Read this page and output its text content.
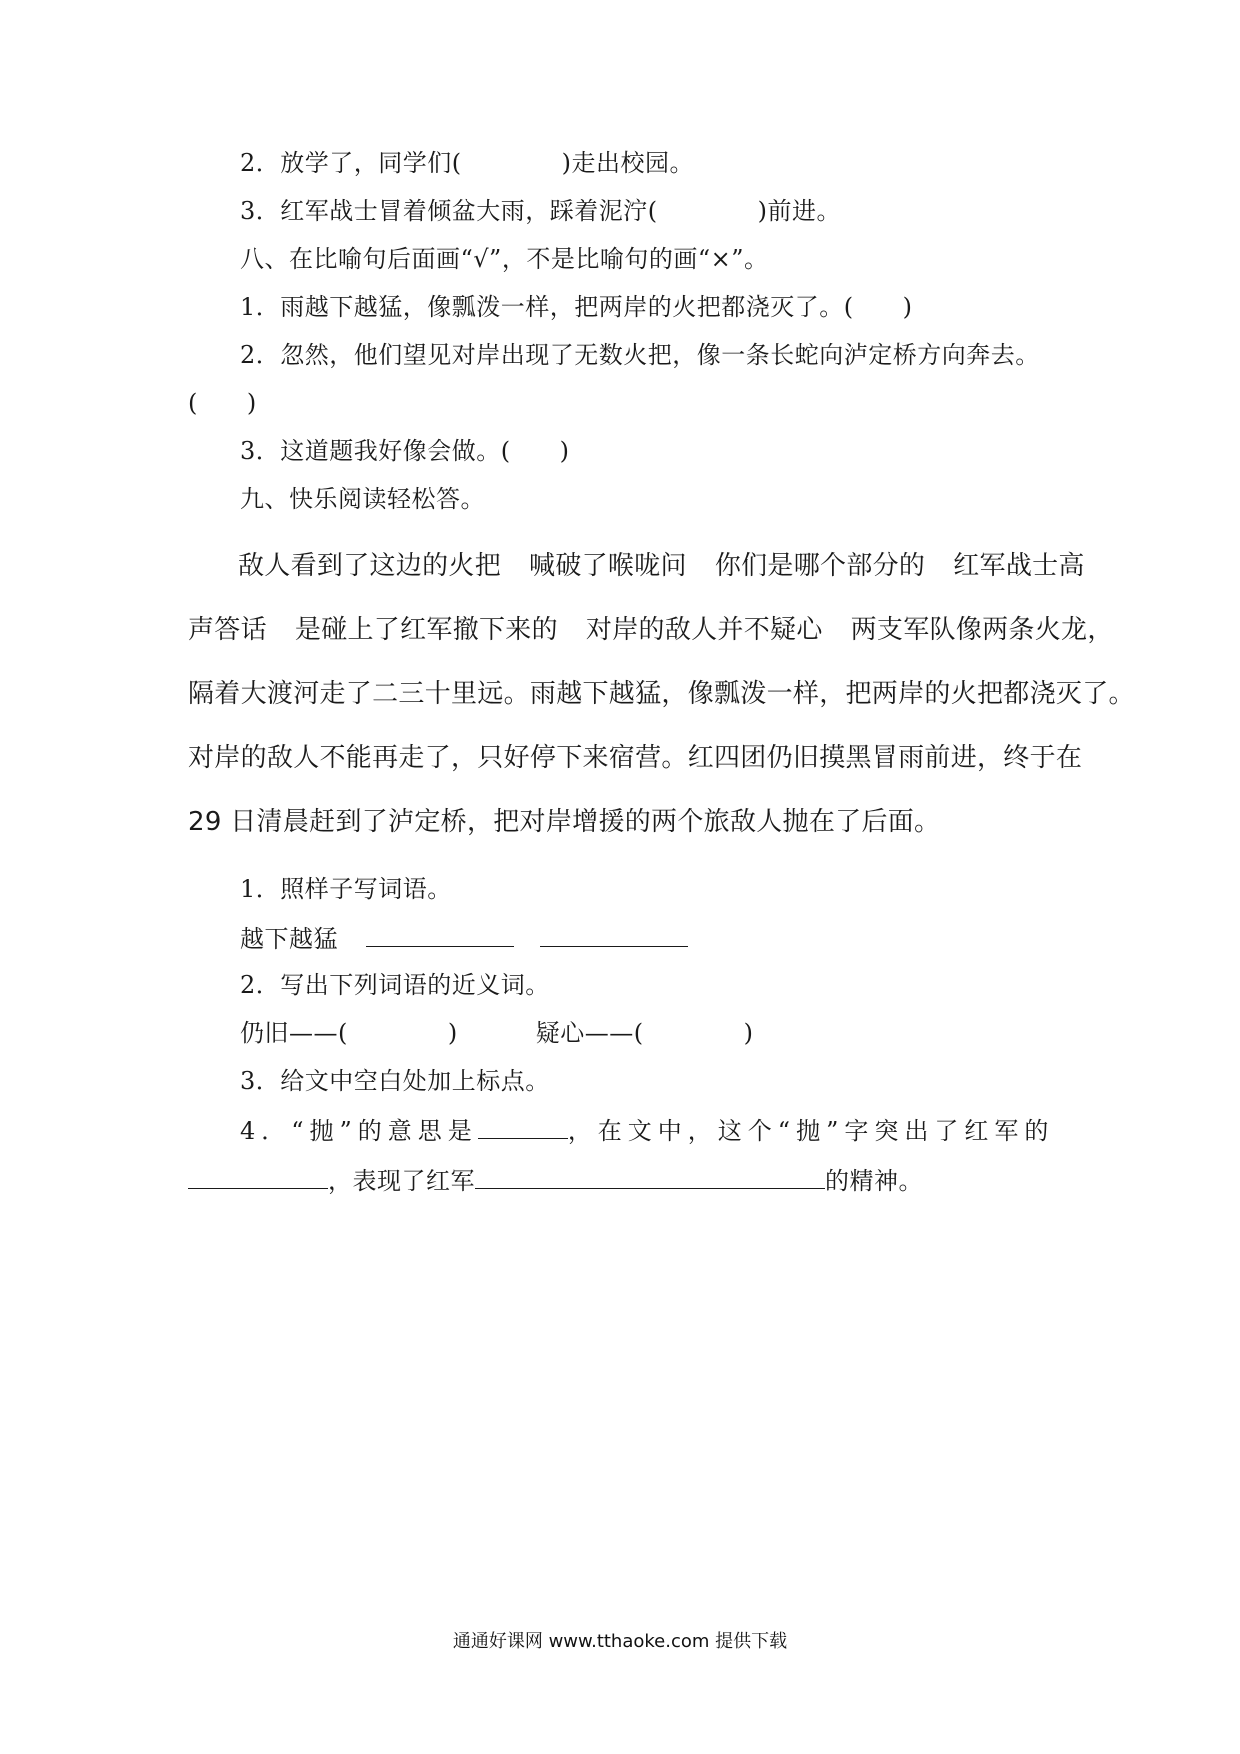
2．放学了，同学们(	)走出校园。
3．红军战士冒着倾盆大雨，踩着泥泞(	)前进。
八、在比喻句后面画“√”，不是比喻句的画“×”。
1．雨越下越猛，像瓢泼一样，把两岸的火把都浇灭了。(　　)
2．忽然，他们望见对岸出现了无数火把，像一条长蛇向泸定桥方向奔去。
(　　)
3．这道题我好像会做。(　　)
九、快乐阅读轻松答。
敌人看到了这边的火把 喊破了喉咙问 你们是哪个部分的 红军战士高
声答话 是碰上了红军撤下来的 对岸的敌人并不疑心 两支军队像两条火龙，
隔着大渡河走了二三十里远。雨越下越猛，像瓢泼一样，把两岸的火把都浇灭了。
对岸的敌人不能再走了，只好停下来宿营。红四团仍旧摸黑冒雨前进，终于在
29 日清晨赶到了泸定桥，把对岸增援的两个旅敌人抛在了后面。
1．照样子写词语。
越下越猛
2．写出下列词语的近义词。
仍旧——(	)	疑心——(	)
3．给文中空白处加上标点。
4．“抛”的意思是	，在文中，这个“抛”字突出了红军的
，表现了红军	的精神。
通通好课网 www.tthaoke.com 提供下载
